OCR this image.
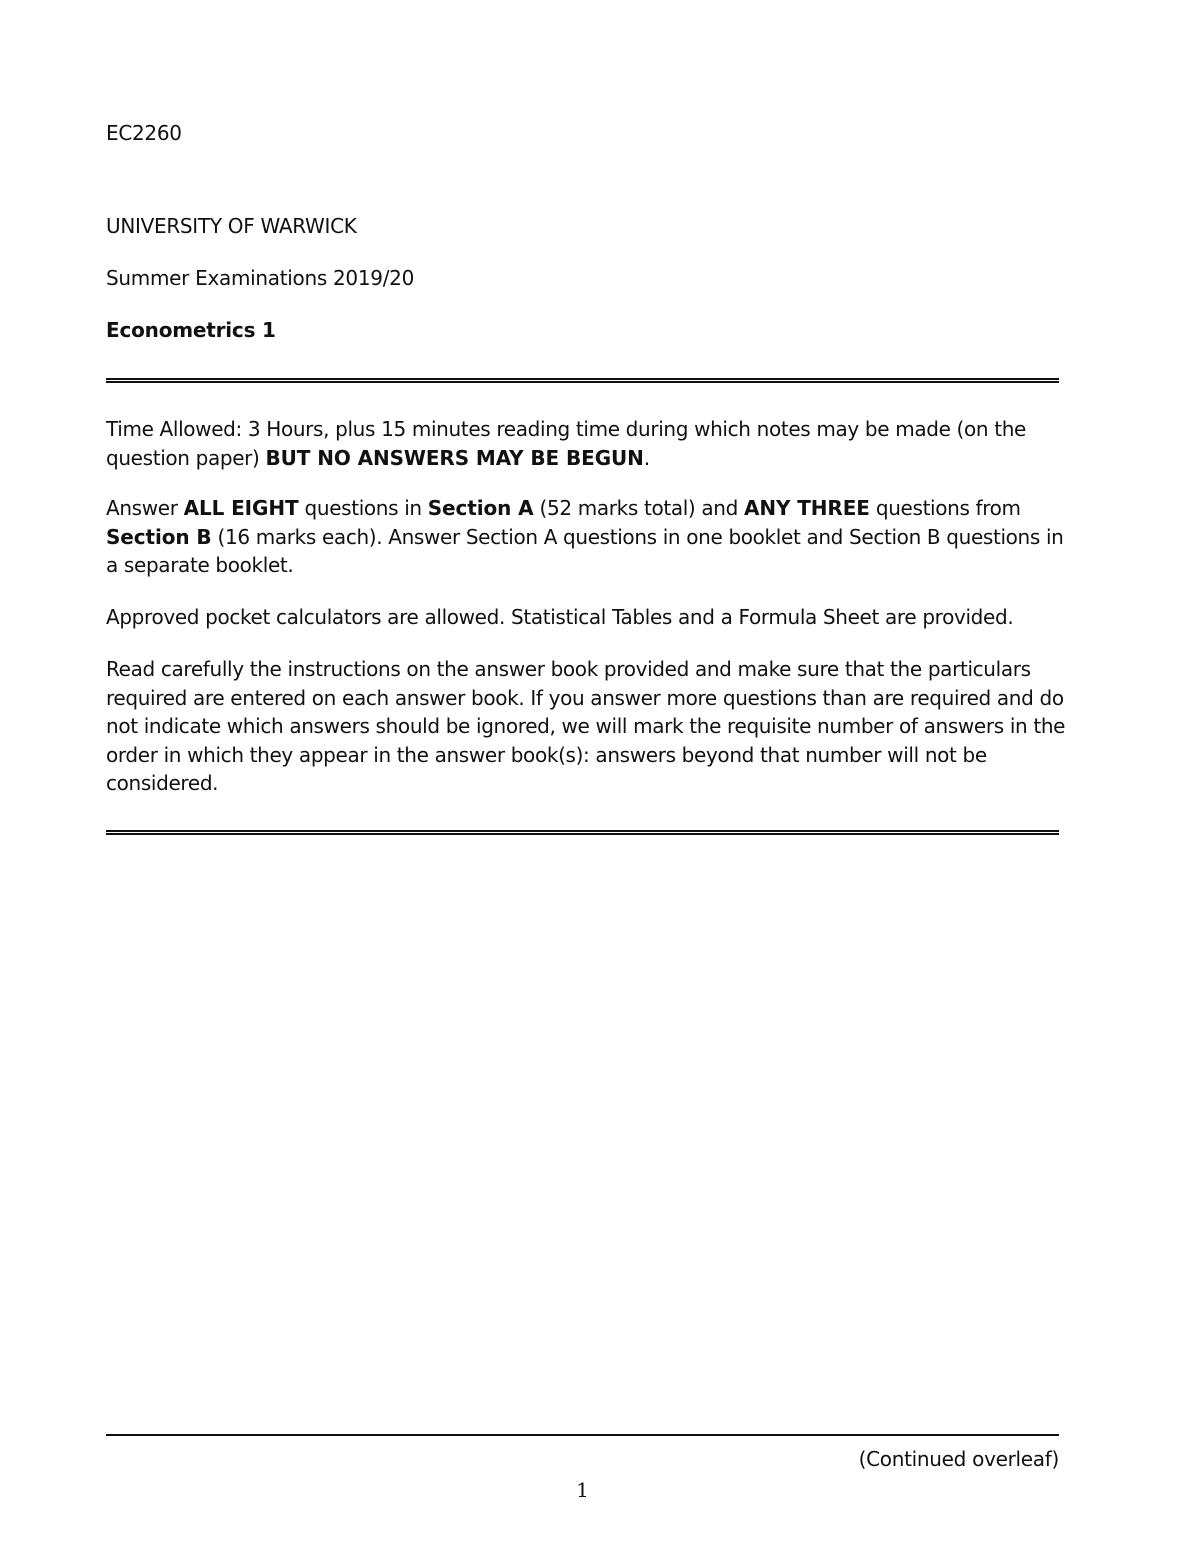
EC2260
UNIVERSITY OF WARWICK
Summer Examinations 2019/20
Econometrics 1

Time Allowed: 3 Hours, plus 15 minutes reading time during which notes may be made (on the question paper) BUT NO ANSWERS MAY BE BEGUN.

Answer ALL EIGHT questions in Section A (52 marks total) and ANY THREE questions from Section B (16 marks each). Answer Section A questions in one booklet and Section B questions in a separate booklet.

Approved pocket calculators are allowed. Statistical Tables and a Formula Sheet are provided.

Read carefully the instructions on the answer book provided and make sure that the particulars required are entered on each answer book. If you answer more questions than are required and do not indicate which answers should be ignored, we will mark the requisite number of answers in the order in which they appear in the answer book(s): answers beyond that number will not be considered.

(Continued overleaf)
1
